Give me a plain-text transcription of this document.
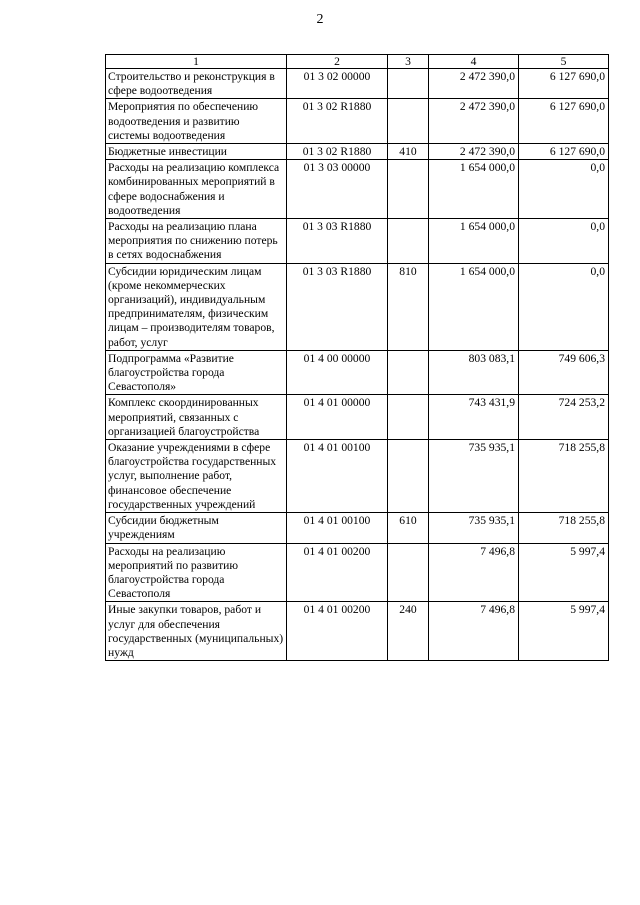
2
1	2	3	4	5
Строительство и реконструкция в сфере водоотведения	01 3 02 00000		2 472 390,0	6 127 690,0
Мероприятия по обеспечению водоотведения и развитию системы водоотведения	01 3 02 R1880		2 472 390,0	6 127 690,0
Бюджетные инвестиции	01 3 02 R1880	410	2 472 390,0	6 127 690,0
Расходы на реализацию комплекса комбинированных мероприятий в сфере водоснабжения и водоотведения	01 3 03 00000		1 654 000,0	0,0
Расходы на реализацию плана мероприятия по снижению потерь в сетях водоснабжения	01 3 03 R1880		1 654 000,0	0,0
Субсидии юридическим лицам (кроме некоммерческих организаций), индивидуальным предпринимателям, физическим лицам – производителям товаров, работ, услуг	01 3 03 R1880	810	1 654 000,0	0,0
Подпрограмма «Развитие благоустройства города Севастополя»	01 4 00 00000		803 083,1	749 606,3
Комплекс скоординированных мероприятий, связанных с организацией благоустройства	01 4 01 00000		743 431,9	724 253,2
Оказание учреждениями в сфере благоустройства государственных услуг, выполнение работ, финансовое обеспечение государственных учреждений	01 4 01 00100		735 935,1	718 255,8
Субсидии бюджетным учреждениям	01 4 01 00100	610	735 935,1	718 255,8
Расходы на реализацию мероприятий по развитию благоустройства города Севастополя	01 4 01 00200		7 496,8	5 997,4
Иные закупки товаров, работ и услуг для обеспечения государственных (муниципальных) нужд	01 4 01 00200	240	7 496,8	5 997,4
